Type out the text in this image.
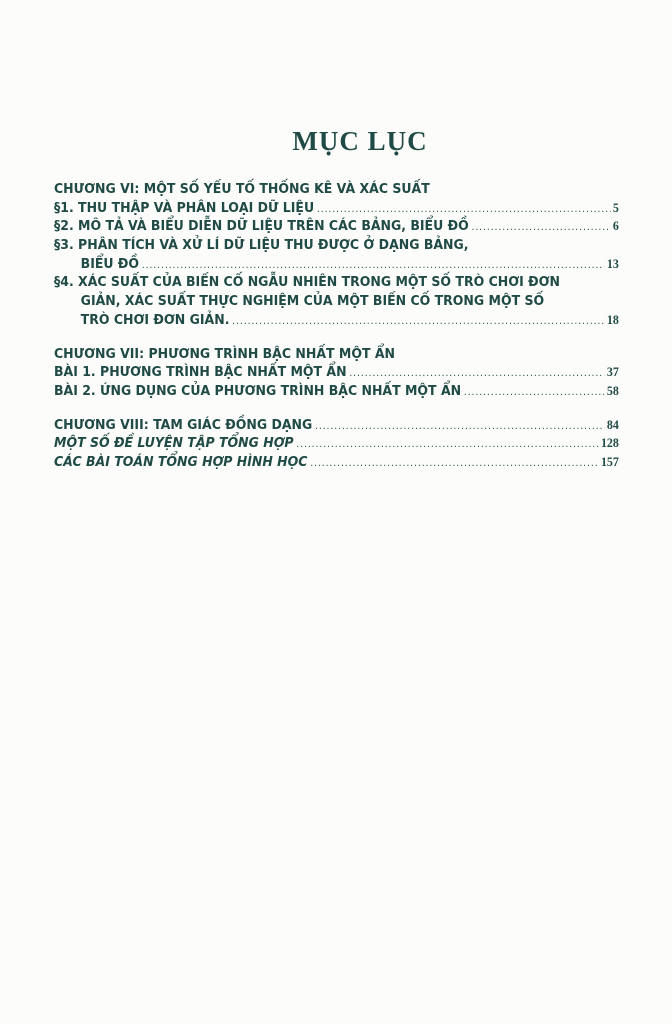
MỤC LỤC
CHƯƠNG VI: MỘT SỐ YẾU TỐ THỐNG KÊ VÀ XÁC SUẤT
§1. THU THẬP VÀ PHÂN LOẠI DỮ LIỆU .....	5
§2. MÔ TẢ VÀ BIỂU DIỄN DỮ LIỆU TRÊN CÁC BẢNG, BIỂU ĐỒ .....	6
§3. PHÂN TÍCH VÀ XỬ LÍ DỮ LIỆU THU ĐƯỢC Ở DẠNG BẢNG,
BIỂU ĐỒ .....	13
§4. XÁC SUẤT CỦA BIẾN CỐ NGẪU NHIÊN TRONG MỘT SỐ TRÒ CHƠI ĐƠN
GIẢN, XÁC SUẤT THỰC NGHIỆM CỦA MỘT BIẾN CỐ TRONG MỘT SỐ
TRÒ CHƠI ĐƠN GIẢN. .....	18
CHƯƠNG VII: PHƯƠNG TRÌNH BẬC NHẤT MỘT ẨN
BÀI 1. PHƯƠNG TRÌNH BẬC NHẤT MỘT ẨN .....	37
BÀI 2. ỨNG DỤNG CỦA PHƯƠNG TRÌNH BẬC NHẤT MỘT ẨN .....	58
CHƯƠNG VIII: TAM GIÁC ĐỒNG DẠNG .....	84
MỘT SỐ ĐỀ LUYỆN TẬP TỔNG HỢP .....	128
CÁC BÀI TOÁN TỔNG HỢP HÌNH HỌC .....	157
